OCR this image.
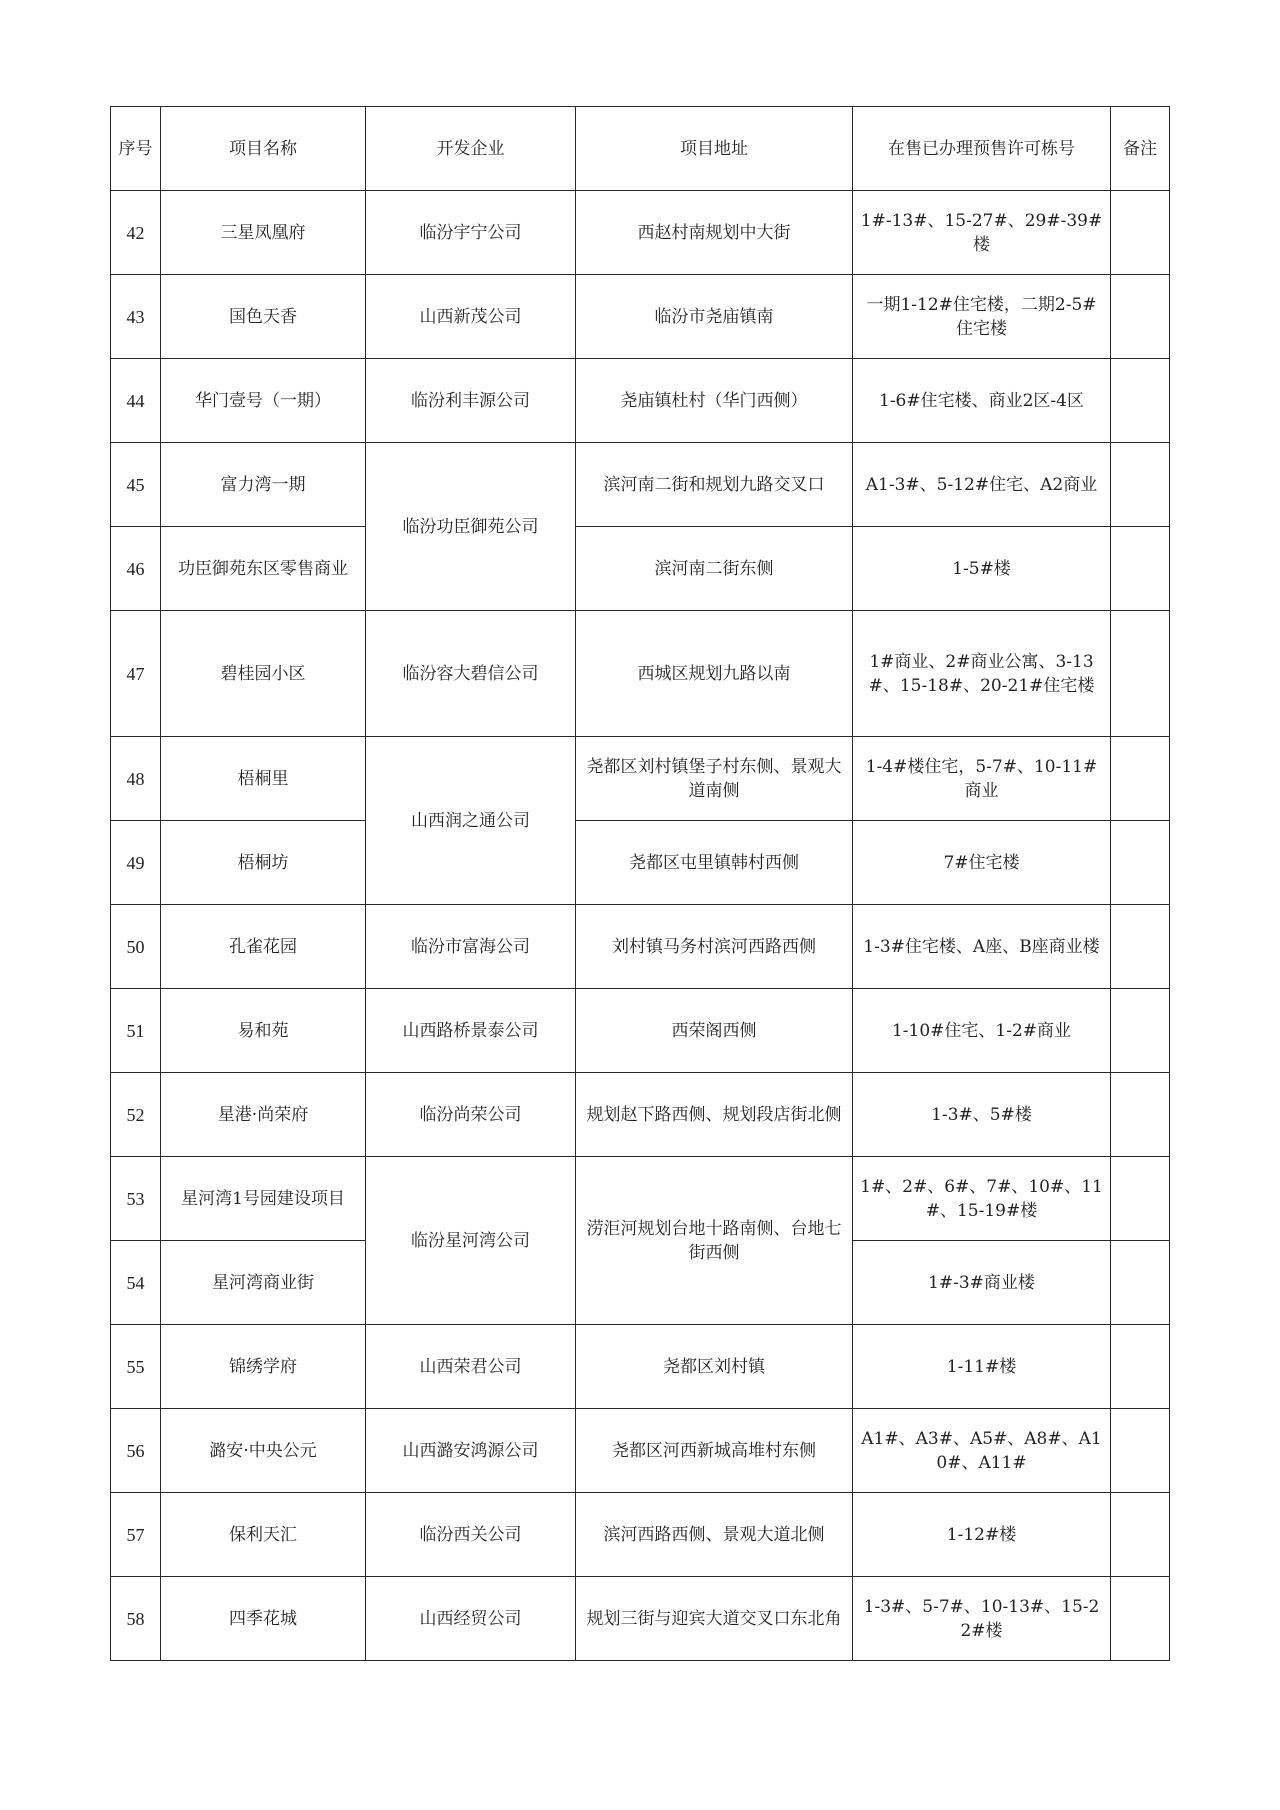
序号	项目名称	开发企业	项目地址	在售已办理预售许可栋号	备注
42	三星凤凰府	临汾宇宁公司	西赵村南规划中大街	1#-13#、15-27#、29#-39#楼	
43	国色天香	山西新茂公司	临汾市尧庙镇南	一期1-12#住宅楼，二期2-5#住宅楼	
44	华门壹号（一期）	临汾利丰源公司	尧庙镇杜村（华门西侧）	1-6#住宅楼、商业2区-4区	
45	富力湾一期	临汾功臣御苑公司	滨河南二街和规划九路交叉口	A1-3#、5-12#住宅、A2商业	
46	功臣御苑东区零售商业		滨河南二街东侧	1-5#楼	
47	碧桂园小区	临汾容大碧信公司	西城区规划九路以南	1#商业、2#商业公寓、3-13#、15-18#、20-21#住宅楼	
48	梧桐里	山西润之通公司	尧都区刘村镇堡子村东侧、景观大道南侧	1-4#楼住宅，5-7#、10-11#商业	
49	梧桐坊		尧都区屯里镇韩村西侧	7#住宅楼	
50	孔雀花园	临汾市富海公司	刘村镇马务村滨河西路西侧	1-3#住宅楼、A座、B座商业楼	
51	易和苑	山西路桥景泰公司	西荣阁西侧	1-10#住宅、1-2#商业	
52	星港·尚荣府	临汾尚荣公司	规划赵下路西侧、规划段店街北侧	1-3#、5#楼	
53	星河湾1号园建设项目	临汾星河湾公司	涝洰河规划台地十路南侧、台地七街西侧	1#、2#、6#、7#、10#、11#、15-19#楼	
54	星河湾商业街			1#-3#商业楼	
55	锦绣学府	山西荣君公司	尧都区刘村镇	1-11#楼	
56	潞安·中央公元	山西潞安鸿源公司	尧都区河西新城高堆村东侧	A1#、A3#、A5#、A8#、A10#、A11#	
57	保利天汇	临汾西关公司	滨河西路西侧、景观大道北侧	1-12#楼	
58	四季花城	山西经贸公司	规划三街与迎宾大道交叉口东北角	1-3#、5-7#、10-13#、15-22#楼	
